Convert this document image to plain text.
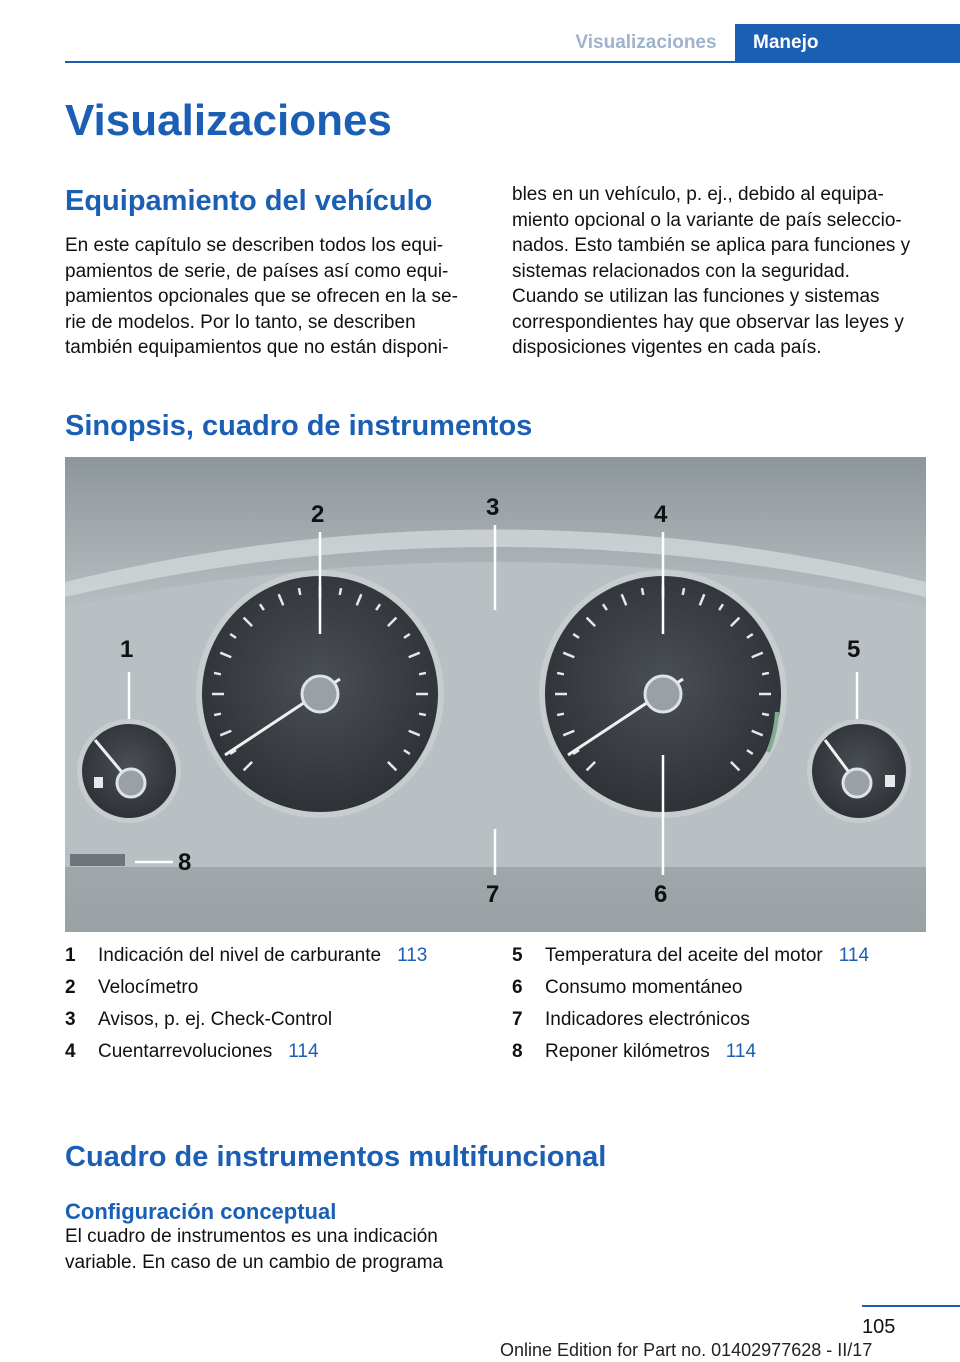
Visualizaciones	Manejo
Visualizaciones
Equipamiento del vehículo

En este capítulo se describen todos los equi-
pamientos de serie, de países así como equi-
pamientos opcionales que se ofrecen en la se-
rie de modelos. Por lo tanto, se describen
también equipamientos que no están disponi-

bles en un vehículo, p. ej., debido al equipa-
miento opcional o la variante de país seleccio-
nados. Esto también se aplica para funciones y
sistemas relacionados con la seguridad.
Cuando se utilizan las funciones y sistemas
correspondientes hay que observar las leyes y
disposiciones vigentes en cada país.

Sinopsis, cuadro de instrumentos
1
2	3	4
5
6
7
8
1	Indicación del nivel de carburante 113
2	Velocímetro
3	Avisos, p. ej. Check-Control
4	Cuentarrevoluciones 114
5	Temperatura del aceite del motor 114
6	Consumo momentáneo
7	Indicadores electrónicos
8	Reponer kilómetros 114
Cuadro de instrumentos multifuncional
Configuración conceptual

El cuadro de instrumentos es una indicación
variable. En caso de un cambio de programa

105
Online Edition for Part no. 01402977628 - II/17
